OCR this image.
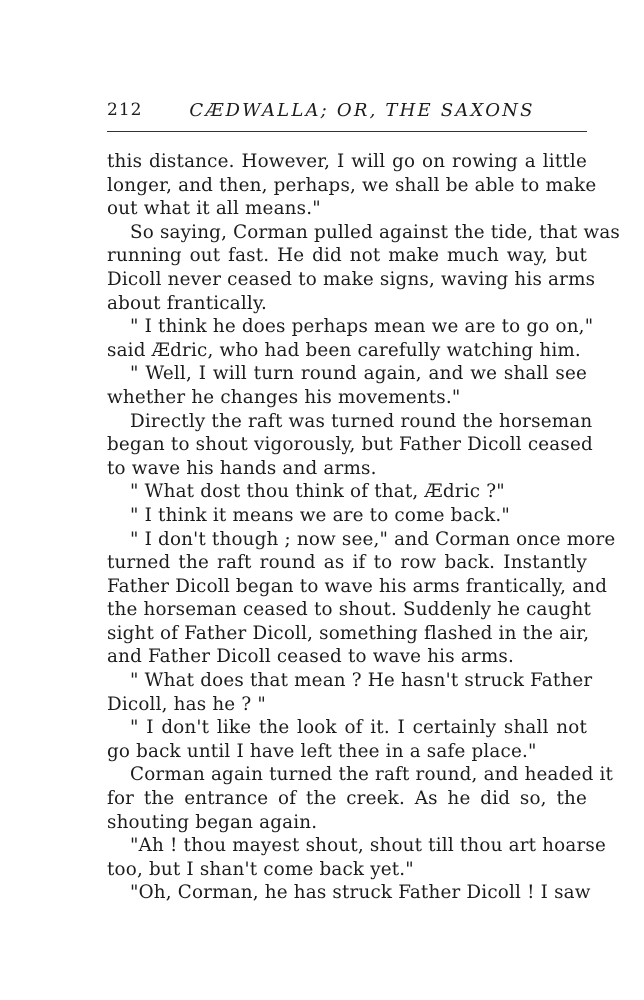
212	CÆDWALLA; OR, THE SAXONS
this distance. However, I will go on rowing a little
longer, and then, perhaps, we shall be able to make
out what it all means."
So saying, Corman pulled against the tide, that was
running out fast. He did not make much way, but
Dicoll never ceased to make signs, waving his arms
about frantically.
" I think he does perhaps mean we are to go on,"
said Ædric, who had been carefully watching him.
" Well, I will turn round again, and we shall see
whether he changes his movements."
Directly the raft was turned round the horseman
began to shout vigorously, but Father Dicoll ceased
to wave his hands and arms.
" What dost thou think of that, Ædric ?"
" I think it means we are to come back."
" I don't though ; now see," and Corman once more
turned the raft round as if to row back. Instantly
Father Dicoll began to wave his arms frantically, and
the horseman ceased to shout. Suddenly he caught
sight of Father Dicoll, something flashed in the air,
and Father Dicoll ceased to wave his arms.
" What does that mean ? He hasn't struck Father
Dicoll, has he ? "
" I don't like the look of it. I certainly shall not
go back until I have left thee in a safe place."
Corman again turned the raft round, and headed it
for the entrance of the creek. As he did so, the
shouting began again.
"Ah ! thou mayest shout, shout till thou art hoarse
too, but I shan't come back yet."
"Oh, Corman, he has struck Father Dicoll ! I saw
